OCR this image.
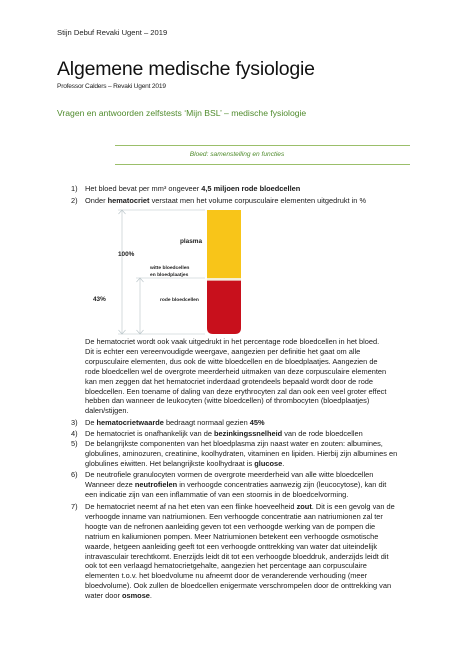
Stijn Debuf Revaki Ugent – 2019
Algemene medische fysiologie
Professor Calders – Revaki Ugent 2019
Vragen en antwoorden zelfstests ‘Mijn BSL’ – medische fysiologie
Bloed: samenstelling en functies
1) Het bloed bevat per mm³ ongeveer 4,5 miljoen rode bloedcellen
2) Onder hematocriet verstaat men het volume corpusculaire elementen uitgedrukt in %
100%
43%
plasma
witte bloedcellen
en bloedplaatjes
rode bloedcellen
De hematocriet wordt ook vaak uitgedrukt in het percentage rode bloedcellen in het bloed.
Dit is echter een vereenvoudigde weergave, aangezien per definitie het gaat om alle
corpusculaire elementen, dus ook de witte bloedcellen en de bloedplaatjes. Aangezien de
rode bloedcellen wel de overgrote meerderheid uitmaken van deze corpusculaire elementen
kan men zeggen dat het hematocriet inderdaad grotendeels bepaald wordt door de rode
bloedcellen. Een toename of daling van deze erythrocyten zal dan ook een veel groter effect
hebben dan wanneer de leukocyten (witte bloedcellen) of thrombocyten (bloedplaatjes)
dalen/stijgen.
3) De hematocrietwaarde bedraagt normaal gezien 45%
4) De hematocriet is onafhankelijk van de bezinkingssnelheid van de rode bloedcellen
5) De belangrijkste componenten van het bloedplasma zijn naast water en zouten: albumines,
globulines, aminozuren, creatinine, koolhydraten, vitaminen en lipiden. Hierbij zijn albumines en
globulines eiwitten. Het belangrijkste koolhydraat is glucose.
6) De neutrofiele granulocyten vormen de overgrote meerderheid van alle witte bloedcellen
Wanneer deze neutrofielen in verhoogde concentraties aanwezig zijn (leucocytose), kan dit
een indicatie zijn van een inflammatie of van een stoornis in de bloedcelvorming.
7) De hematocriet neemt af na het eten van een flinke hoeveelheid zout. Dit is een gevolg van de
verhoogde inname van natriumionen. Een verhoogde concentratie aan natriumionen zal ter
hoogte van de nefronen aanleiding geven tot een verhoogde werking van de pompen die
natrium en kaliumionen pompen. Meer Natriumionen betekent een verhoogde osmotische
waarde, hetgeen aanleiding geeft tot een verhoogde onttrekking van water dat uiteindelijk
intravasculair terechtkomt. Enerzijds leidt dit tot een verhoogde bloeddruk, anderzijds leidt dit
ook tot een verlaagd hematocrietgehalte, aangezien het percentage aan corpusculaire
elementen t.o.v. het bloedvolume nu afneemt door de veranderende verhouding (meer
bloedvolume). Ook zullen de bloedcellen enigermate verschrompelen door de onttrekking van
water door osmose.
